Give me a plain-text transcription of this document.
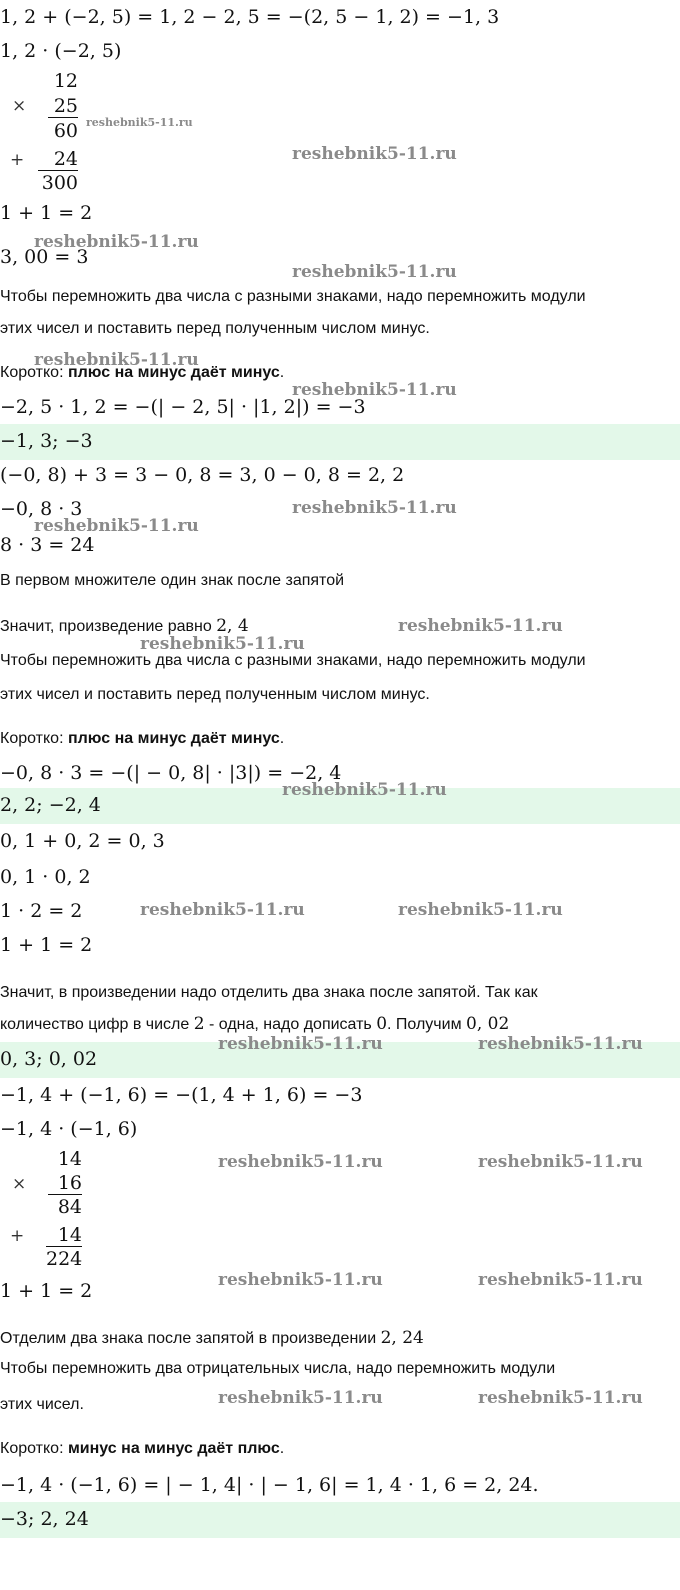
1, 2 + (−2, 5) = 1, 2 − 2, 5 = −(2, 5 − 1, 2) = −1, 3
1, 2 · (−2, 5)
12
×	25
60
+	24
300
1 + 1 = 2
3, 00 = 3
Чтобы перемножить два числа с разными знаками, надо перемножить модули
этих чисел и поставить перед полученным числом минус.
Коротко: плюс на минус даёт минус.
−2, 5 · 1, 2 = −(| − 2, 5| · |1, 2|) = −3
−1, 3; −3
(−0, 8) + 3 = 3 − 0, 8 = 3, 0 − 0, 8 = 2, 2
−0, 8 · 3
8 · 3 = 24
В первом множителе один знак после запятой
Значит, произведение равно 2, 4
Чтобы перемножить два числа с разными знаками, надо перемножить модули
этих чисел и поставить перед полученным числом минус.
Коротко: плюс на минус даёт минус.
−0, 8 · 3 = −(| − 0, 8| · |3|) = −2, 4
2, 2; −2, 4
0, 1 + 0, 2 = 0, 3
0, 1 · 0, 2
1 · 2 = 2
1 + 1 = 2
Значит, в произведении надо отделить два знака после запятой. Так как
количество цифр в числе 2 - одна, надо дописать 0. Получим 0, 02
0, 3; 0, 02
−1, 4 + (−1, 6) = −(1, 4 + 1, 6) = −3
−1, 4 · (−1, 6)
14
×	16
84
+	14
224
1 + 1 = 2
Отделим два знака после запятой в произведении 2, 24
Чтобы перемножить два отрицательных числа, надо перемножить модули
этих чисел.
Коротко: минус на минус даёт плюс.
−1, 4 · (−1, 6) = | − 1, 4| · | − 1, 6| = 1, 4 · 1, 6 = 2, 24.
−3; 2, 24
reshebnik5-11.ru
reshebnik5-11.ru
reshebnik5-11.ru
reshebnik5-11.ru
reshebnik5-11.ru
reshebnik5-11.ru
reshebnik5-11.ru
reshebnik5-11.ru
reshebnik5-11.ru
reshebnik5-11.ru
reshebnik5-11.ru
reshebnik5-11.ru	reshebnik5-11.ru
reshebnik5-11.ru	reshebnik5-11.ru
reshebnik5-11.ru	reshebnik5-11.ru
reshebnik5-11.ru	reshebnik5-11.ru
reshebnik5-11.ru	reshebnik5-11.ru
